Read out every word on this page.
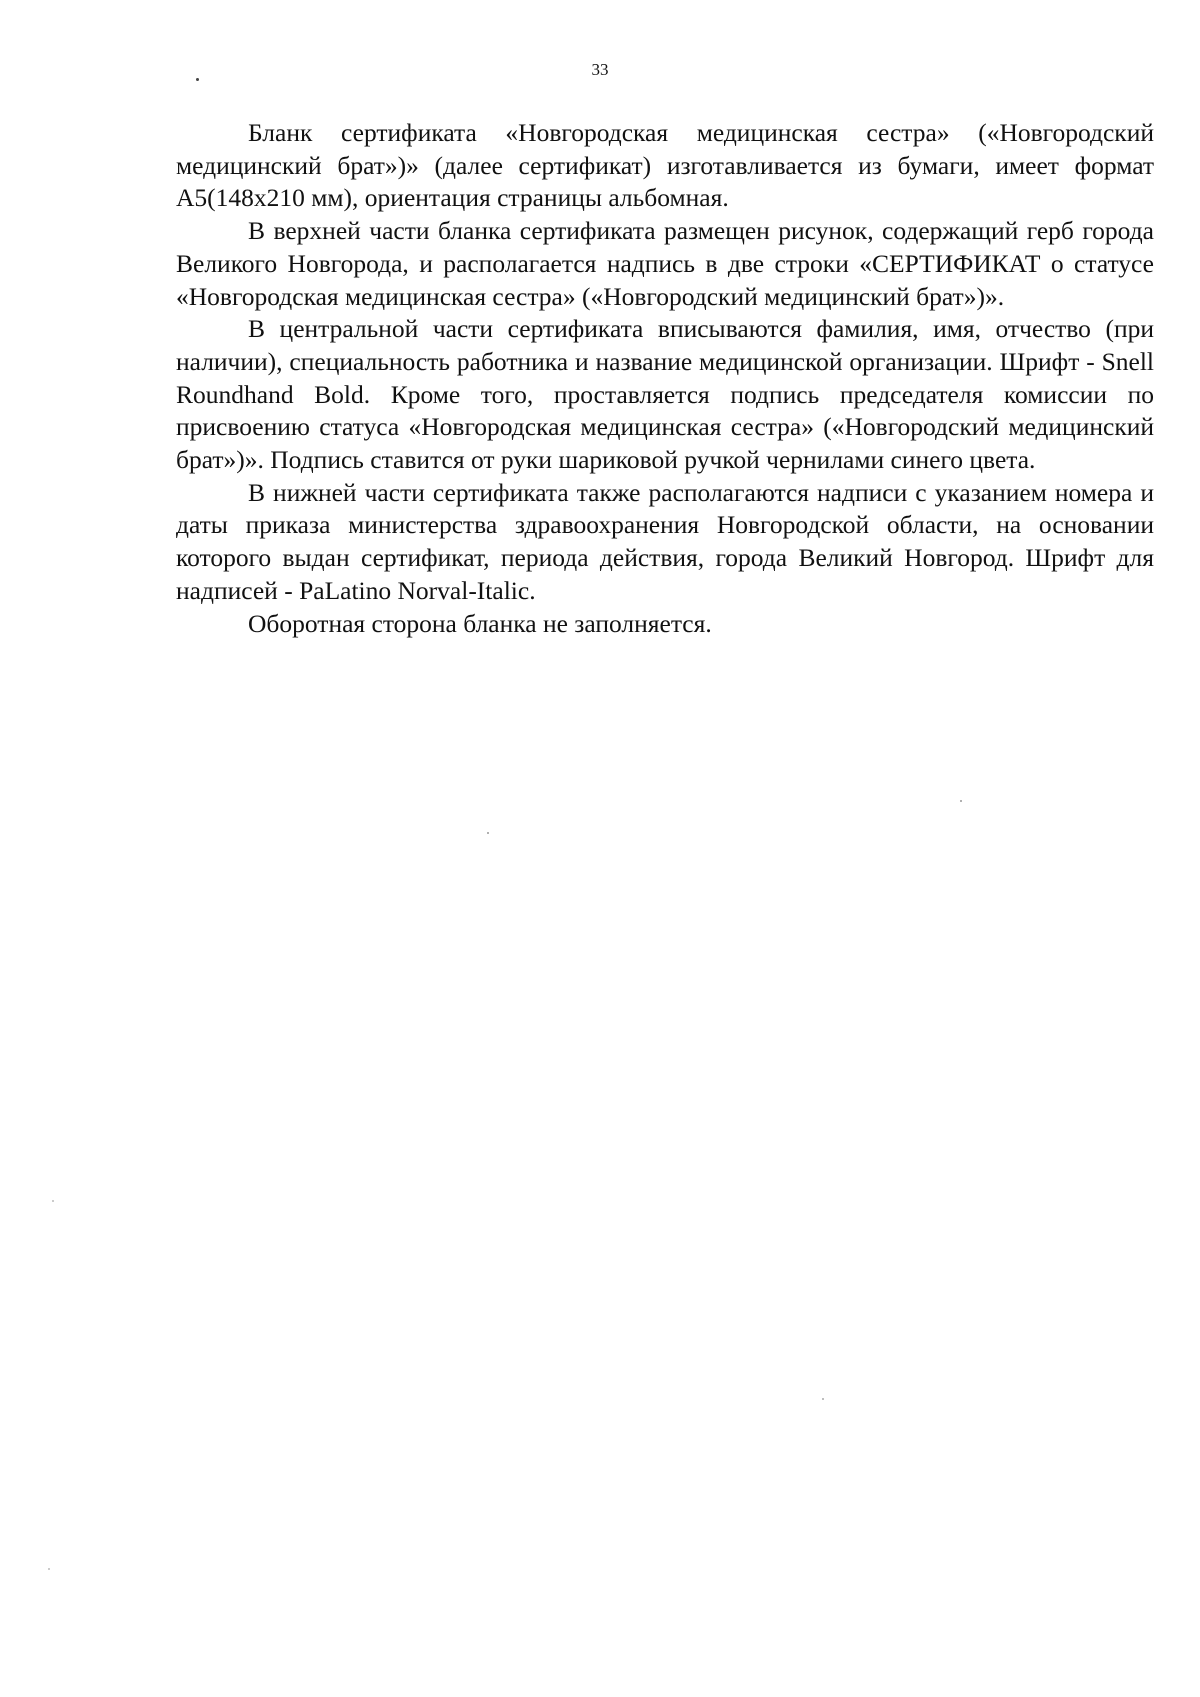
33

Бланк сертификата «Новгородская медицинская сестра» («Новгородский медицинский брат»)» (далее сертификат) изготавливается из бумаги, имеет формат А5(148х210 мм), ориентация страницы альбомная.

В верхней части бланка сертификата размещен рисунок, содержащий герб города Великого Новгорода, и располагается надпись в две строки «СЕРТИФИКАТ о статусе «Новгородская медицинская сестра» («Новгородский медицинский брат»)».

В центральной части сертификата вписываются фамилия, имя, отчество (при наличии), специальность работника и название медицинской организации. Шрифт - Snell Roundhand Bold. Кроме того, проставляется подпись председателя комиссии по присвоению статуса «Новгородская медицинская сестра» («Новгородский медицинский брат»)». Подпись ставится от руки шариковой ручкой чернилами синего цвета.

В нижней части сертификата также располагаются надписи с указанием номера и даты приказа министерства здравоохранения Новгородской области, на основании которого выдан сертификат, периода действия, города Великий Новгород. Шрифт для надписей - PaLatino Norval-Italic.

Оборотная сторона бланка не заполняется.
